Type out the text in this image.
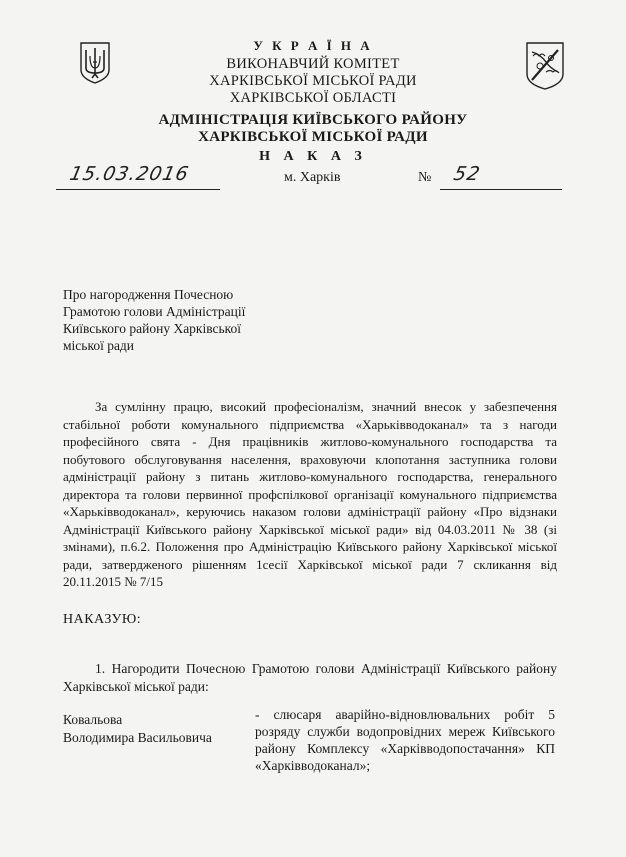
У К Р А Ї Н А
ВИКОНАВЧИЙ КОМІТЕТ
ХАРКІВСЬКОЇ МІСЬКОЇ РАДИ
ХАРКІВСЬКОЇ ОБЛАСТІ
АДМІНІСТРАЦІЯ КИЇВСЬКОГО РАЙОНУ
ХАРКІВСЬКОЇ МІСЬКОЇ РАДИ
Н А К А З
15.03.2016	м. Харків	№ 52
Про нагородження Почесною
Грамотою голови Адміністрації
Київського району Харківської
міської ради

За сумлінну працю, високий професіоналізм, значний внесок у забезпечення стабільної роботи комунального підприємства «Харьківводоканал» та з нагоди професійного свята - Дня працівників житлово-комунального господарства та побутового обслуговування населення, враховуючи клопотання заступника голови адміністрації району з питань житлово-комунального господарства, генерального директора та голови первинної профспілкової організації комунального підприємства «Харьківводоканал», керуючись наказом голови адміністрації району «Про відзнаки Адміністрації Київського району Харківської міської ради» від 04.03.2011 № 38 (зі змінами), п.6.2. Положення про Адміністрацію Київського району Харківської міської ради, затвердженого рішенням 1сесії Харківської міської ради 7 скликання від 20.11.2015 № 7/15

НАКАЗУЮ:

1. Нагородити Почесною Грамотою голови Адміністрації Київського району Харківської міської ради:

Ковальова
Володимира Васильовича
- слюсаря аварійно-відновлювальних робіт 5 розряду служби водопровідних мереж Київського району Комплексу «Харківводопостачання» КП «Харківводоканал»;
